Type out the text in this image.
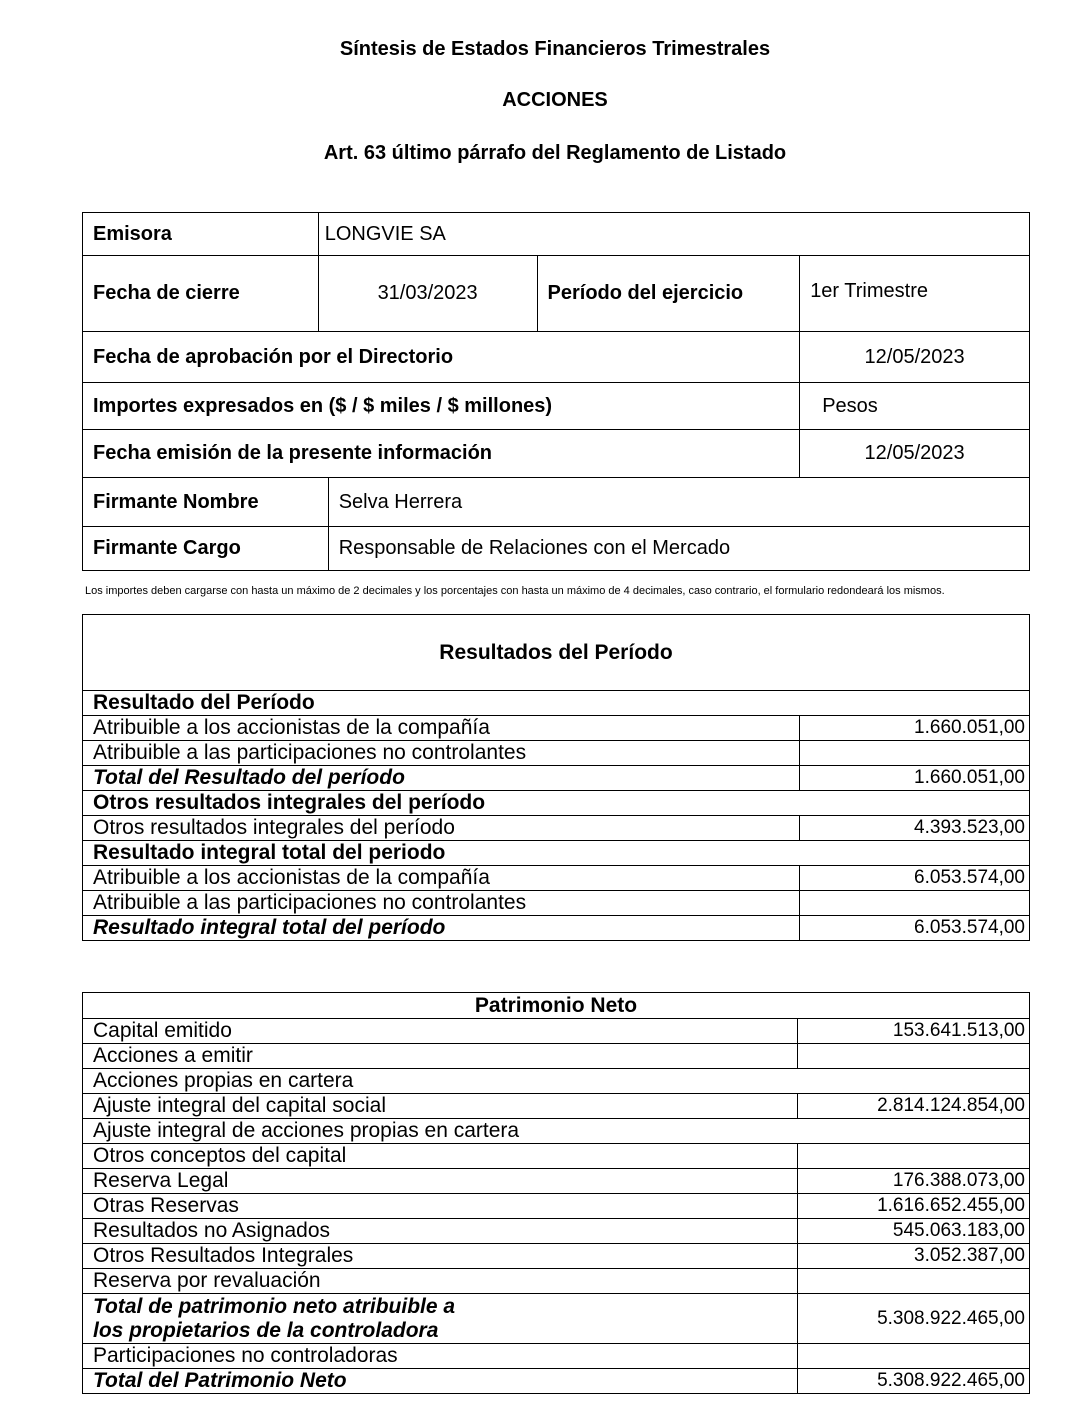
Síntesis de Estados Financieros Trimestrales
ACCIONES
Art. 63 último párrafo del Reglamento de Listado
Emisora	LONGVIE SA			
Fecha de cierre	31/03/2023		Período del ejercicio	1er Trimestre
Fecha de aprobación por el Directorio				12/05/2023
Importes expresados en ($ / $ miles / $ millones)				Pesos
Fecha emisión de la presente información				12/05/2023
Firmante Nombre		Selva Herrera		
Firmante Cargo		Responsable de Relaciones con el Mercado		
Los importes deben cargarse con hasta un máximo de 2 decimales y los porcentajes con hasta un máximo de 4 decimales, caso contrario, el formulario redondeará los mismos.
Resultados del Período	
Resultado del Período	
Atribuible a los accionistas de la compañía	1.660.051,00
Atribuible a las participaciones no controlantes	
Total del Resultado del período	1.660.051,00
Otros resultados integrales del período	
Otros resultados integrales del período	4.393.523,00
Resultado integral total del periodo	
Atribuible a los accionistas de la compañía	6.053.574,00
Atribuible a las participaciones no controlantes	
Resultado integral total del período	6.053.574,00
Patrimonio Neto	
Capital emitido	153.641.513,00
Acciones a emitir	
Acciones propias en cartera	
Ajuste integral del capital social	2.814.124.854,00
Ajuste integral de acciones propias en cartera	
Otros conceptos del capital	
Reserva Legal	176.388.073,00
Otras Reservas	1.616.652.455,00
Resultados no Asignados	545.063.183,00
Otros Resultados Integrales	3.052.387,00
Reserva por revaluación	
Total de patrimonio neto atribuible a los propietarios de la controladora	5.308.922.465,00
Participaciones no controladoras	
Total del Patrimonio Neto	5.308.922.465,00
